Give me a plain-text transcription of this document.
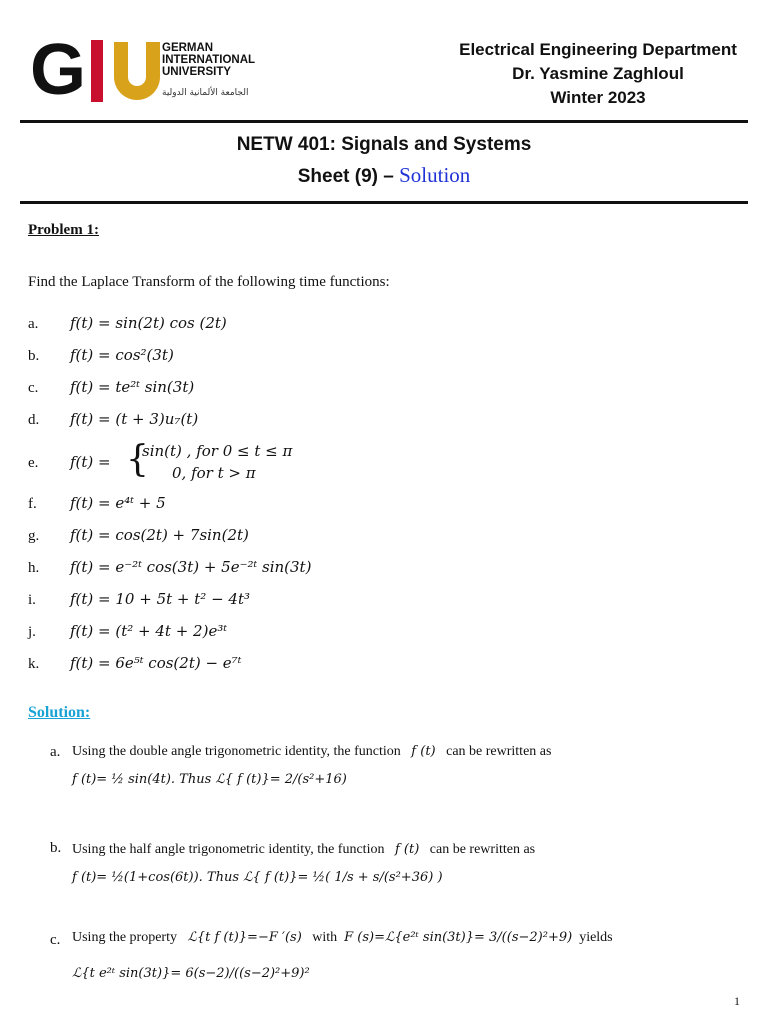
G	GERMAN
INTERNATIONAL
UNIVERSITY
الجامعة الألمانية الدولية
Electrical Engineering Department
Dr. Yasmine Zaghloul
Winter 2023
NETW 401: Signals and Systems
Sheet (9) – Solution
Problem 1:
Find the Laplace Transform of the following time functions:
a. f(t) = sin(2t) cos (2t)
b. f(t) = cos²(3t)
c. f(t) = te²ᵗ sin(3t)
d. f(t) = (t + 3)u₇(t)
e. f(t) = {
sin(t) , for 0 ≤ t ≤ π
0, for t > π
f. f(t) = e⁴ᵗ + 5
g. f(t) = cos(2t) + 7sin(2t)
h. f(t) = e⁻²ᵗ cos(3t) + 5e⁻²ᵗ sin(3t)
i. f(t) = 10 + 5t + t² − 4t³
j. f(t) = (t² + 4t + 2)e³ᵗ
k. f(t) = 6e⁵ᵗ cos(2t) − e⁷ᵗ
Solution:
a. Using the double angle trigonometric identity, the function f (t) can be rewritten as
f (t)= ½ sin(4t). Thus ℒ{ f (t)}= 2/(s²+16)
b. Using the half angle trigonometric identity, the function f (t) can be rewritten as
f (t)= ½(1+cos(6t)). Thus ℒ{ f (t)}= ½( 1/s + s/(s²+36) )
c. Using the property ℒ{t f (t)}=−F ′(s) with F (s)=ℒ{e²ᵗ sin(3t)}= 3/((s−2)²+9) yields
ℒ{t e²ᵗ sin(3t)}= 6(s−2)/((s−2)²+9)²
1
